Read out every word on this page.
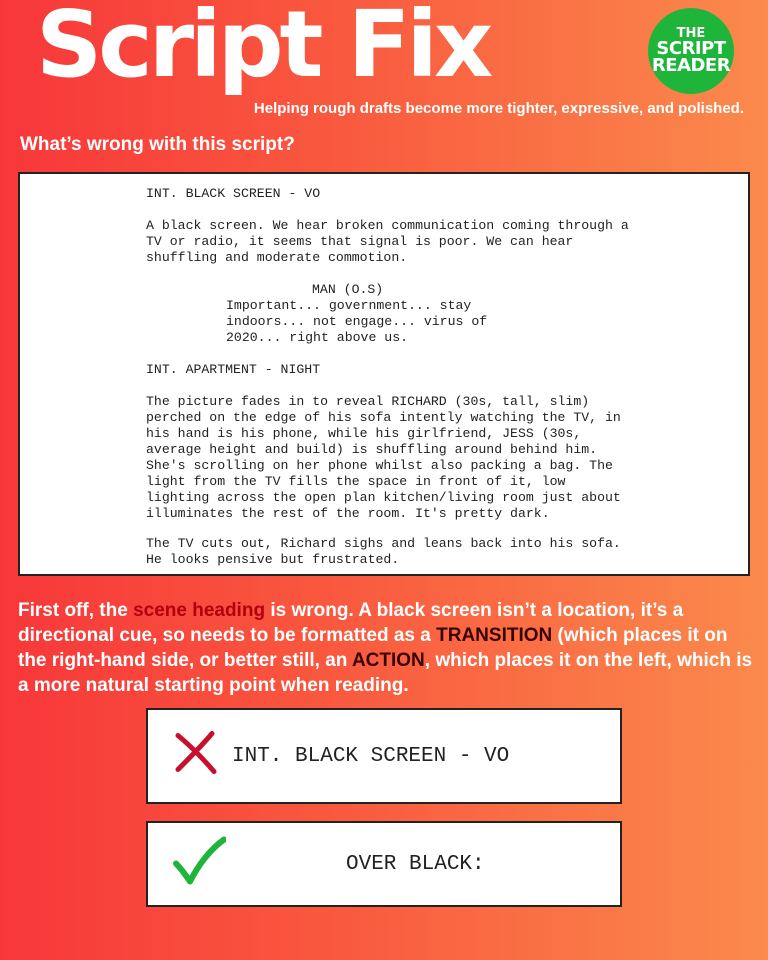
Script Fix	THE
SCRIPT
READER
Helping rough drafts become more tighter, expressive, and polished.
What’s wrong with this script?
INT. BLACK SCREEN - VO
A black screen. We hear broken communication coming through a
TV or radio, it seems that signal is poor. We can hear
shuffling and moderate commotion.
MAN (O.S)
Important... government... stay
indoors... not engage... virus of
2020... right above us.
INT. APARTMENT - NIGHT
The picture fades in to reveal RICHARD (30s, tall, slim)
perched on the edge of his sofa intently watching the TV, in
his hand is his phone, while his girlfriend, JESS (30s,
average height and build) is shuffling around behind him.
She's scrolling on her phone whilst also packing a bag. The
light from the TV fills the space in front of it, low
lighting across the open plan kitchen/living room just about
illuminates the rest of the room. It's pretty dark.
The TV cuts out, Richard sighs and leans back into his sofa.
He looks pensive but frustrated.
First off, the scene heading is wrong. A black screen isn’t a location, it’s a directional cue, so needs to be formatted as a TRANSITION (which places it on the right-hand side, or better still, an ACTION, which places it on the left, which is a more natural starting point when reading.
INT. BLACK SCREEN - VO
OVER BLACK:
